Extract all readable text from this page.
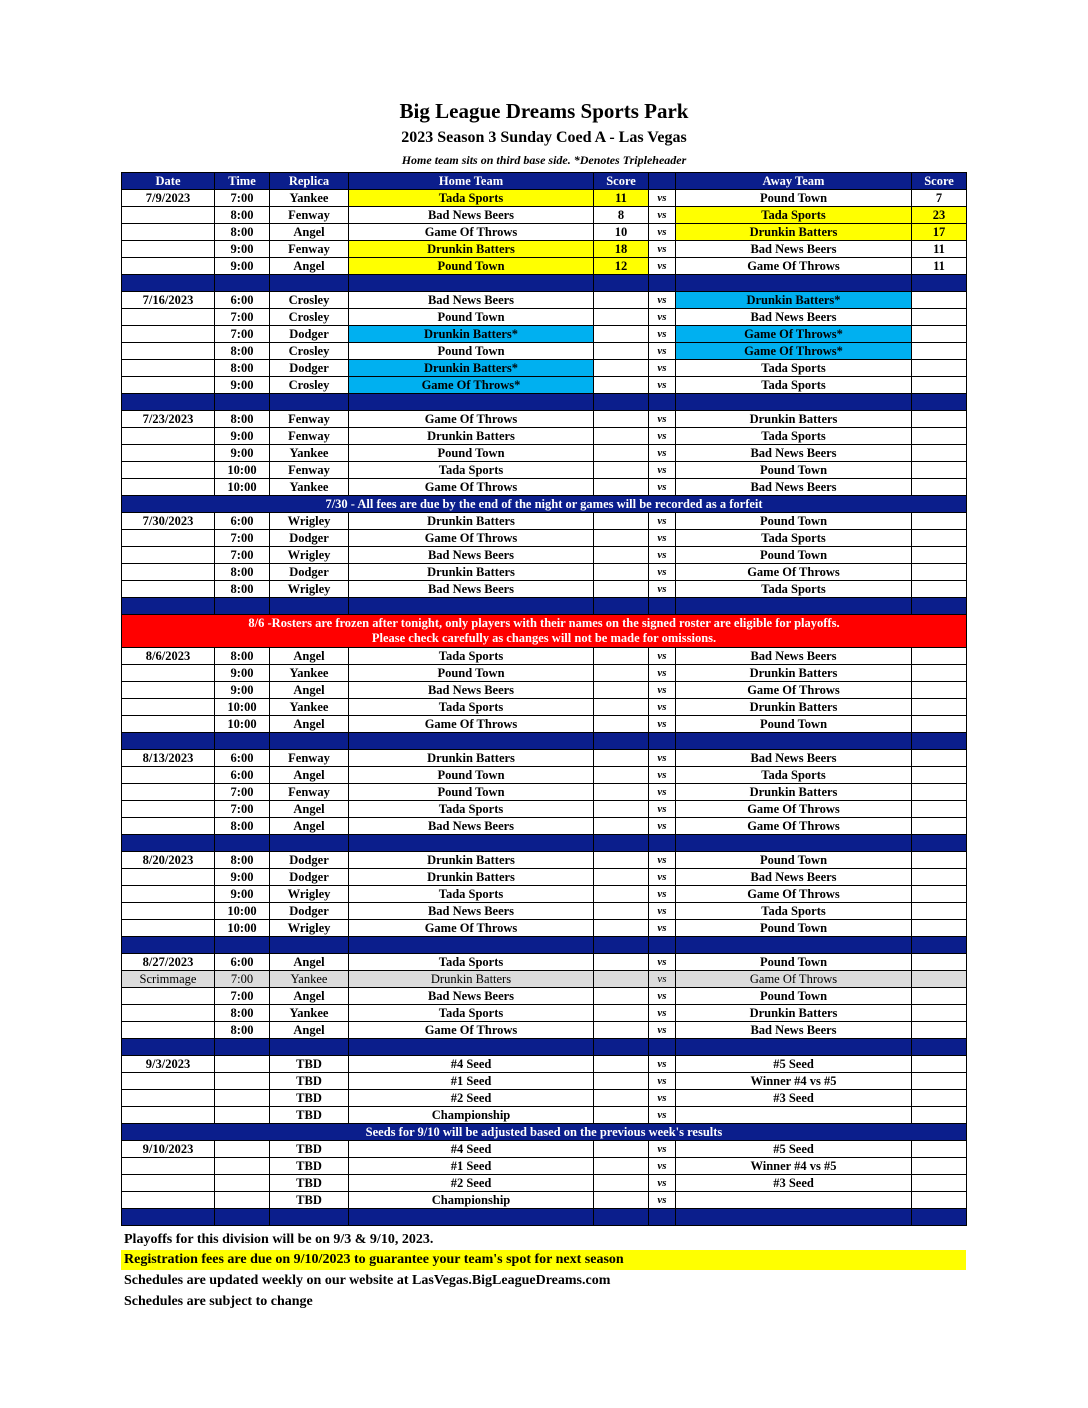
Big League Dreams Sports Park
2023 Season 3 Sunday Coed A - Las Vegas
Home team sits on third base side. *Denotes Tripleheader
Date	Time	Replica	Home Team	Score		Away Team	Score
7/9/2023	7:00	Yankee	Tada Sports	11	vs	Pound Town	7
	8:00	Fenway	Bad News Beers	8	vs	Tada Sports	23
	8:00	Angel	Game Of Throws	10	vs	Drunkin Batters	17
	9:00	Fenway	Drunkin Batters	18	vs	Bad News Beers	11
	9:00	Angel	Pound Town	12	vs	Game Of Throws	11

7/16/2023	6:00	Crosley	Bad News Beers		vs	Drunkin Batters*	
	7:00	Crosley	Pound Town		vs	Bad News Beers	
	7:00	Dodger	Drunkin Batters*		vs	Game Of Throws*	
	8:00	Crosley	Pound Town		vs	Game Of Throws*	
	8:00	Dodger	Drunkin Batters*		vs	Tada Sports	
	9:00	Crosley	Game Of Throws*		vs	Tada Sports	

7/23/2023	8:00	Fenway	Game Of Throws		vs	Drunkin Batters	
	9:00	Fenway	Drunkin Batters		vs	Tada Sports	
	9:00	Yankee	Pound Town		vs	Bad News Beers	
	10:00	Fenway	Tada Sports		vs	Pound Town	
	10:00	Yankee	Game Of Throws		vs	Bad News Beers	
7/30 - All fees are due by the end of the night or games will be recorded as a forfeit							
7/30/2023	6:00	Wrigley	Drunkin Batters		vs	Pound Town	
	7:00	Dodger	Game Of Throws		vs	Tada Sports	
	7:00	Wrigley	Bad News Beers		vs	Pound Town	
	8:00	Dodger	Drunkin Batters		vs	Game Of Throws	
	8:00	Wrigley	Bad News Beers		vs	Tada Sports	

8/6 -Rosters are frozen after tonight, only players with their names on the signed roster are eligible for playoffs.
Please check carefully as changes will not be made for omissions.							

8/6/2023	8:00	Angel	Tada Sports		vs	Bad News Beers	
	9:00	Yankee	Pound Town		vs	Drunkin Batters	
	9:00	Angel	Bad News Beers		vs	Game Of Throws	
	10:00	Yankee	Tada Sports		vs	Drunkin Batters	
	10:00	Angel	Game Of Throws		vs	Pound Town	

8/13/2023	6:00	Fenway	Drunkin Batters		vs	Bad News Beers	
	6:00	Angel	Pound Town		vs	Tada Sports	
	7:00	Fenway	Pound Town		vs	Drunkin Batters	
	7:00	Angel	Tada Sports		vs	Game Of Throws	
	8:00	Angel	Bad News Beers		vs	Game Of Throws	

8/20/2023	8:00	Dodger	Drunkin Batters		vs	Pound Town	
	9:00	Dodger	Drunkin Batters		vs	Bad News Beers	
	9:00	Wrigley	Tada Sports		vs	Game Of Throws	
	10:00	Dodger	Bad News Beers		vs	Tada Sports	
	10:00	Wrigley	Game Of Throws		vs	Pound Town	

8/27/2023	6:00	Angel	Tada Sports		vs	Pound Town	
Scrimmage	7:00	Yankee	Drunkin Batters		vs	Game Of Throws	
	7:00	Angel	Bad News Beers		vs	Pound Town	
	8:00	Yankee	Tada Sports		vs	Drunkin Batters	
	8:00	Angel	Game Of Throws		vs	Bad News Beers	

9/3/2023		TBD	#4 Seed		vs	#5 Seed	
		TBD	#1 Seed		vs	Winner #4 vs #5	
		TBD	#2 Seed		vs	#3 Seed	
		TBD	Championship		vs		
Seeds for 9/10 will be adjusted based on the previous week's results							
9/10/2023		TBD	#4 Seed		vs	#5 Seed	
		TBD	#1 Seed		vs	Winner #4 vs #5	
		TBD	#2 Seed		vs	#3 Seed	
		TBD	Championship		vs		

Playoffs for this division will be on 9/3 & 9/10, 2023.
Registration fees are due on 9/10/2023 to guarantee your team's spot for next season
Schedules are updated weekly on our website at LasVegas.BigLeagueDreams.com
Schedules are subject to change
